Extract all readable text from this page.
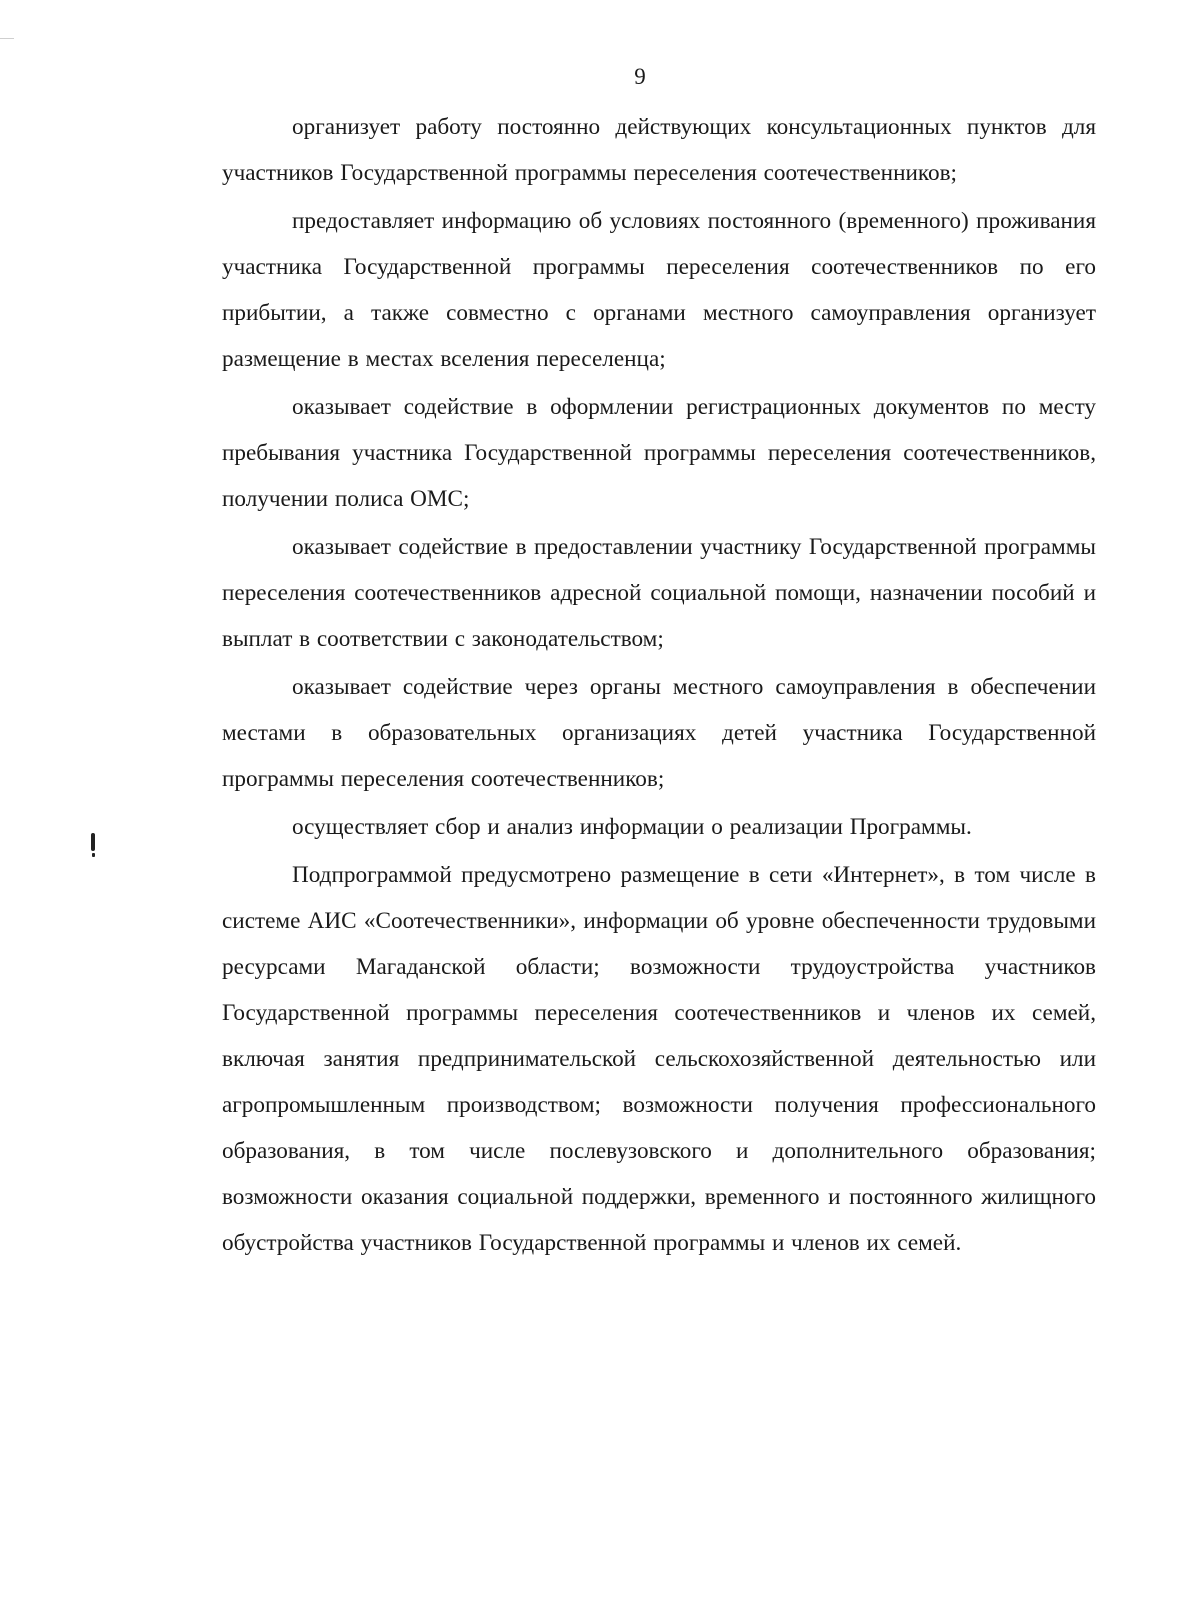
9

организует работу постоянно действующих консультационных пунктов для участников Государственной программы переселения соотечественников;

предоставляет информацию об условиях постоянного (временного) проживания участника Государственной программы переселения соотечественников по его прибытии, а также совместно с органами местного самоуправления организует размещение в местах вселения переселенца;

оказывает содействие в оформлении регистрационных документов по месту пребывания участника Государственной программы переселения соотечественников, получении полиса ОМС;

оказывает содействие в предоставлении участнику Государственной программы переселения соотечественников адресной социальной помощи, назначении пособий и выплат в соответствии с законодательством;

оказывает содействие через органы местного самоуправления в обеспечении местами в образовательных организациях детей участника Государственной программы переселения соотечественников;

осуществляет сбор и анализ информации о реализации Программы.

Подпрограммой предусмотрено размещение в сети «Интернет», в том числе в системе АИС «Соотечественники», информации об уровне обеспеченности трудовыми ресурсами Магаданской области; возможности трудоустройства участников Государственной программы переселения соотечественников и членов их семей, включая занятия предпринимательской сельскохозяйственной деятельностью или агропромышленным производством; возможности получения профессионального образования, в том числе послевузовского и дополнительного образования; возможности оказания социальной поддержки, временного и постоянного жилищного обустройства участников Государственной программы и членов их семей.
